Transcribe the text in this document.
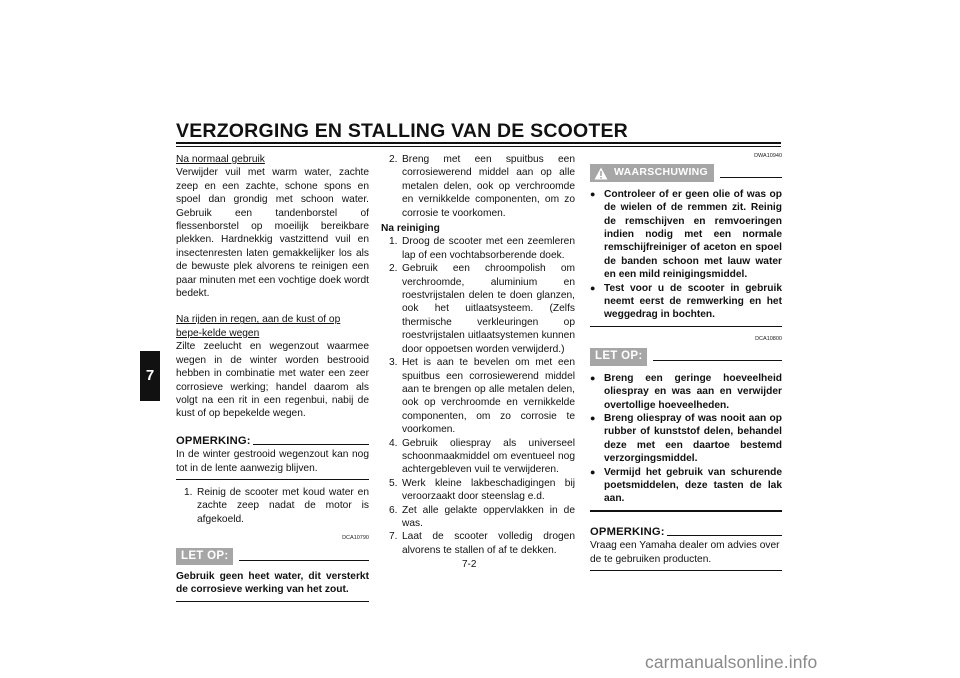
VERZORGING EN STALLING VAN DE SCOOTER
7
Na normaal gebruik
Verwijder vuil met warm water, zachte zeep en een zachte, schone spons en spoel dan grondig met schoon water. Gebruik een tandenborstel of flessenborstel op moeilijk bereikbare plekken. Hardnekkig vastzittend vuil en insectenresten laten gemakkelijker los als de bewuste plek alvorens te reinigen een paar minuten met een vochtige doek wordt bedekt.
Na rijden in regen, aan de kust of op bepe-kelde wegen
Zilte zeelucht en wegenzout waarmee wegen in de winter worden bestrooid hebben in combinatie met water een zeer corrosieve werking; handel daarom als volgt na een rit in een regenbui, nabij de kust of op bepekelde wegen.
OPMERKING:
In de winter gestrooid wegenzout kan nog tot in de lente aanwezig blijven.
1. Reinig de scooter met koud water en zachte zeep nadat de motor is afgekoeld.
DCA10790
LET OP:
Gebruik geen heet water, dit versterkt de corrosieve werking van het zout.
2. Breng met een spuitbus een corrosiewerend middel aan op alle metalen delen, ook op verchroomde en vernikkelde componenten, om zo corrosie te voorkomen.
Na reiniging
1. Droog de scooter met een zeemleren lap of een vochtabsorberende doek.
2. Gebruik een chroompolish om verchroomde, aluminium en roestvrijstalen delen te doen glanzen, ook het uitlaatsysteem. (Zelfs thermische verkleuringen op roestvrijstalen uitlaatsystemen kunnen door oppoetsen worden verwijderd.)
3. Het is aan te bevelen om met een spuitbus een corrosiewerend middel aan te brengen op alle metalen delen, ook op verchroomde en vernikkelde componenten, om zo corrosie te voorkomen.
4. Gebruik oliespray als universeel schoonmaakmiddel om eventueel nog achtergebleven vuil te verwijderen.
5. Werk kleine lakbeschadigingen bij veroorzaakt door steenslag e.d.
6. Zet alle gelakte oppervlakken in de was.
7. Laat de scooter volledig drogen alvorens te stallen of af te dekken.
DWA10940
WAARSCHUWING
● Controleer of er geen olie of was op de wielen of de remmen zit. Reinig de remschijven en remvoeringen indien nodig met een normale remschijfreiniger of aceton en spoel de banden schoon met lauw water en een mild reinigingsmiddel.
● Test voor u de scooter in gebruik neemt eerst de remwerking en het weggedrag in bochten.
DCA10800
LET OP:
● Breng een geringe hoeveelheid oliespray en was aan en verwijder overtollige hoeveelheden.
● Breng oliespray of was nooit aan op rubber of kunststof delen, behandel deze met een daartoe bestemd verzorgingsmiddel.
● Vermijd het gebruik van schurende poetsmiddelen, deze tasten de lak aan.
OPMERKING:
Vraag een Yamaha dealer om advies over de te gebruiken producten.
7-2
carmanualsonline.info
